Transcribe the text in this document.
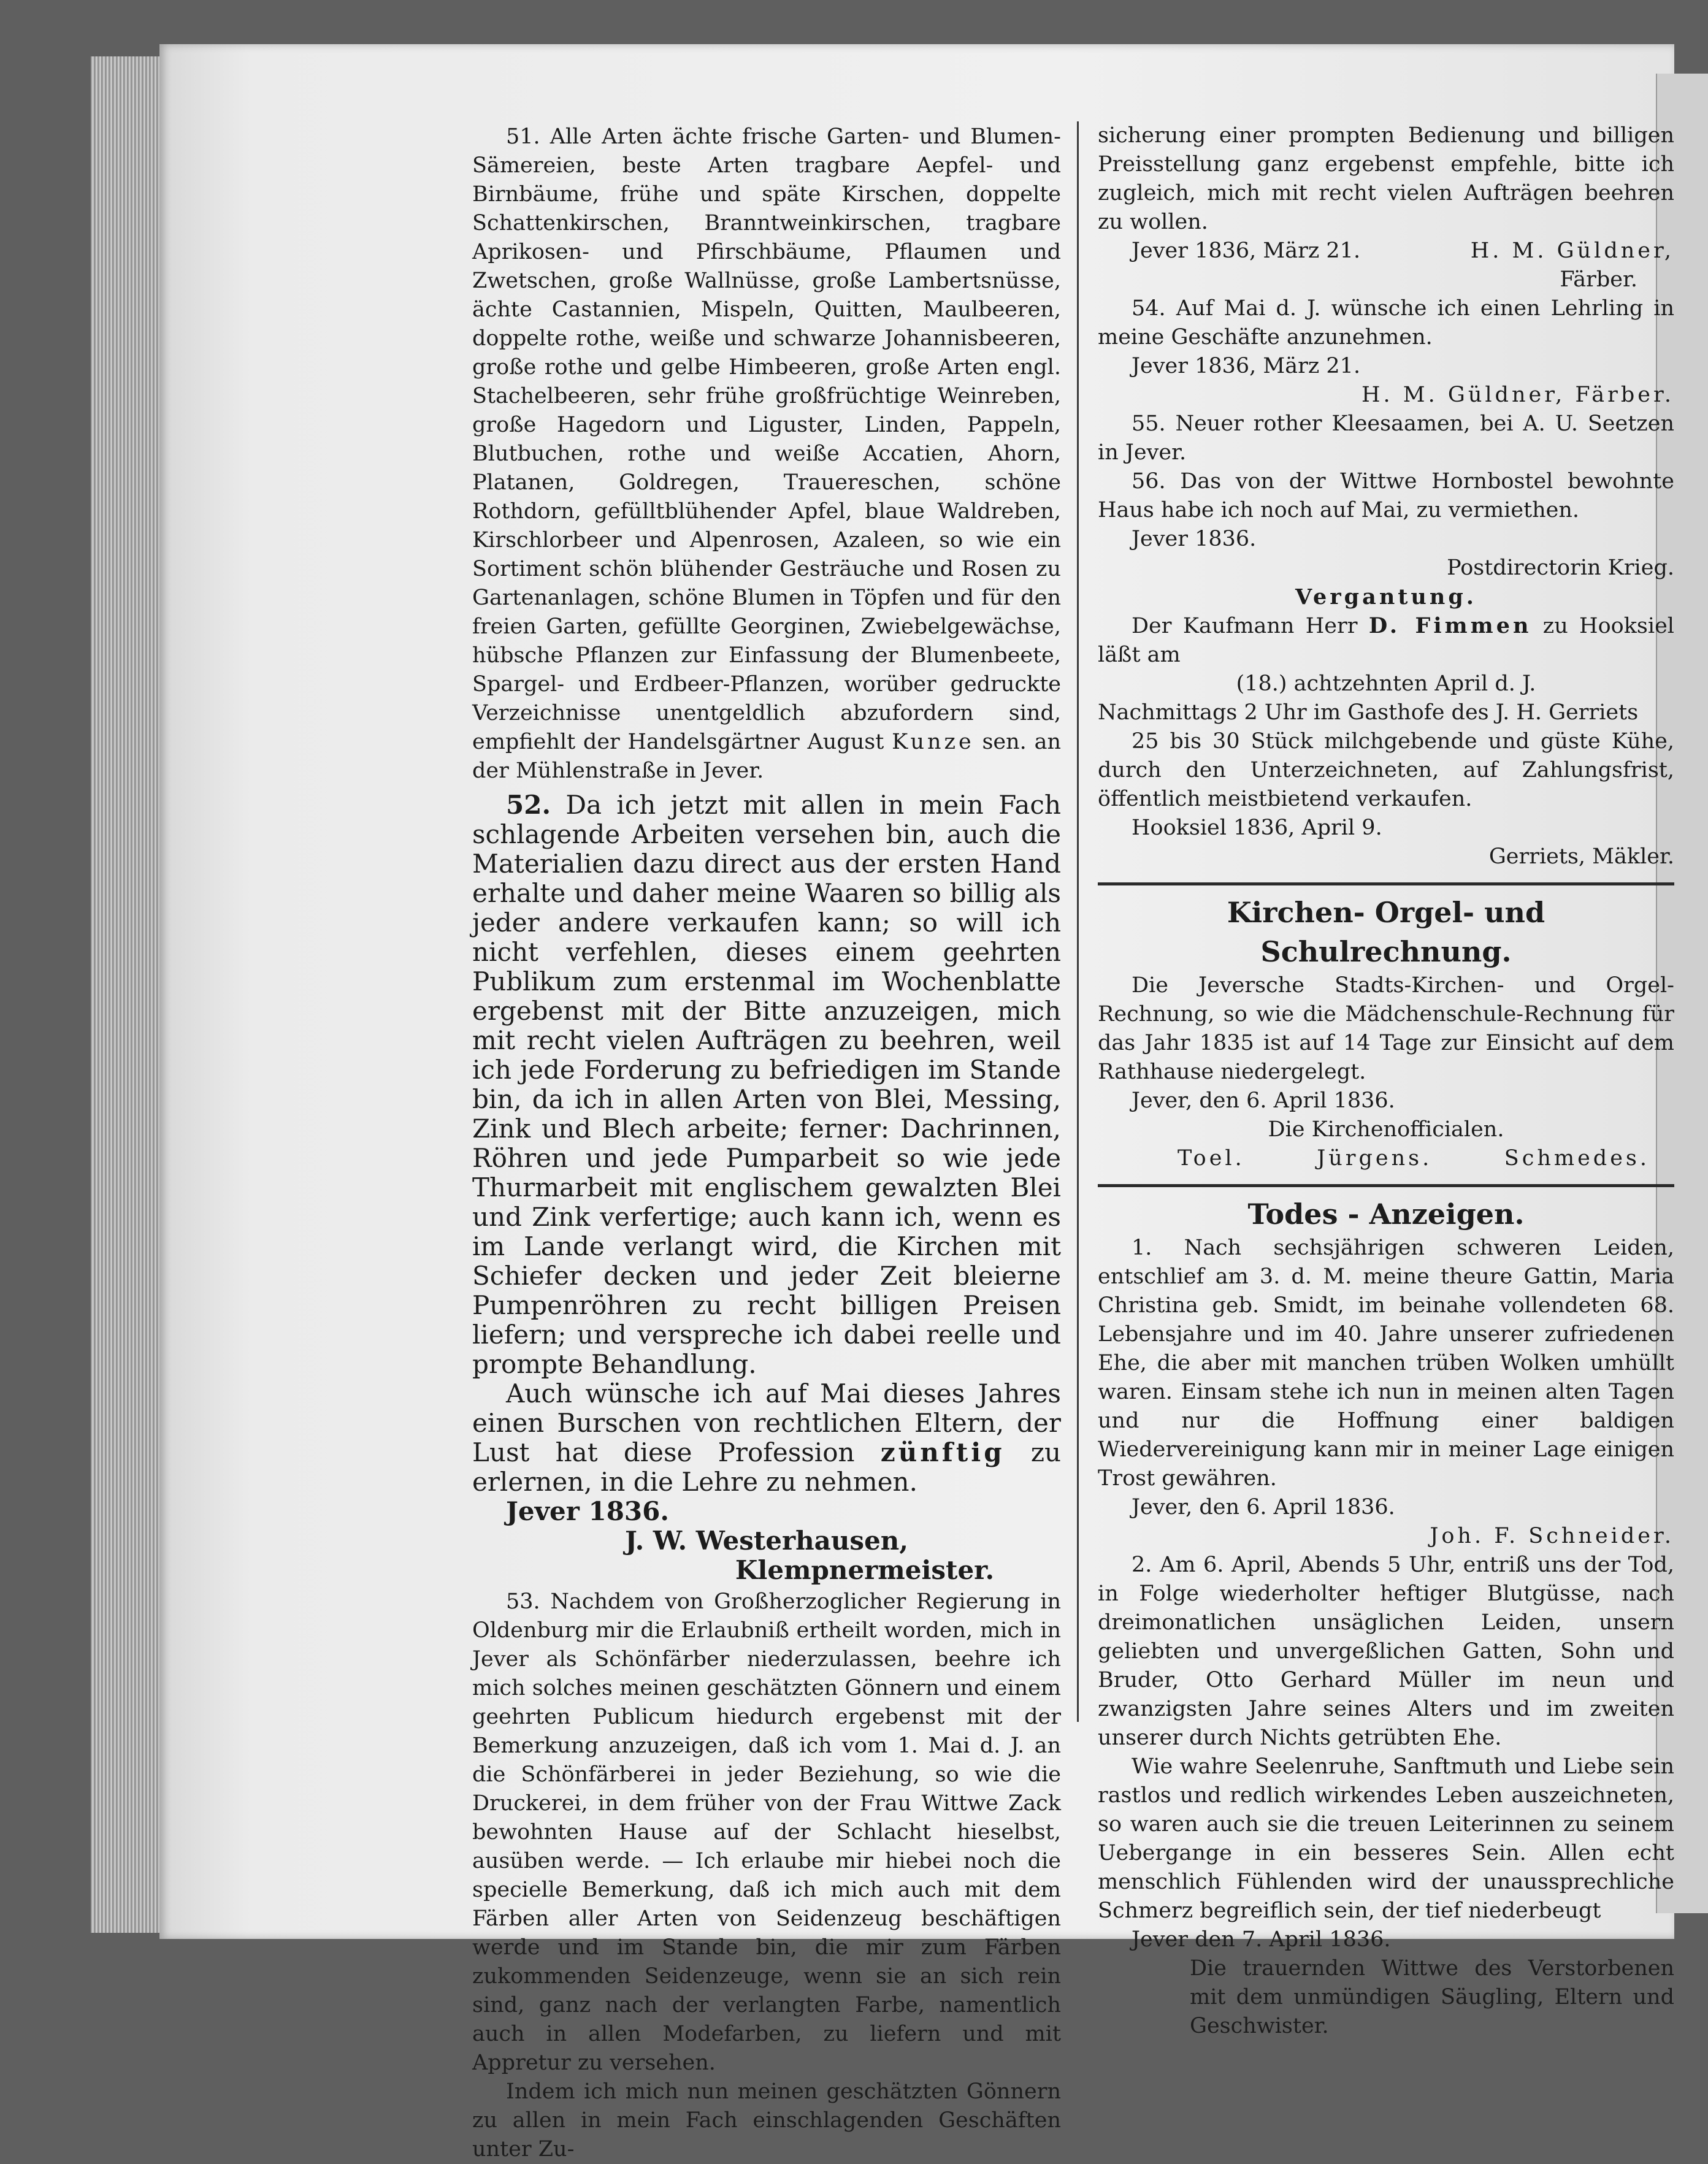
51. Alle Arten ächte frische Garten- und Blumen-Sämereien, beste Arten tragbare Aepfel- und Birnbäume, frühe und späte Kirschen, doppelte Schattenkirschen, Branntweinkirschen, tragbare Aprikosen- und Pfirschbäume, Pflaumen und Zwetschen, große Wallnüsse, große Lambertsnüsse, ächte Castannien, Mispeln, Quitten, Maulbeeren, doppelte rothe, weiße und schwarze Johannisbeeren, große rothe und gelbe Himbeeren, große Arten engl. Stachelbeeren, sehr frühe großfrüchtige Weinreben, große Hagedorn und Liguster, Linden, Pappeln, Blutbuchen, rothe und weiße Accatien, Ahorn, Platanen, Goldregen, Trauereschen, schöne Rothdorn, gefülltblühender Apfel, blaue Waldreben, Kirschlorbeer und Alpenrosen, Azaleen, so wie ein Sortiment schön blühender Gesträuche und Rosen zu Gartenanlagen, schöne Blumen in Töpfen und für den freien Garten, gefüllte Georginen, Zwiebelgewächse, hübsche Pflanzen zur Einfassung der Blumenbeete, Spargel- und Erdbeer-Pflanzen, worüber gedruckte Verzeichnisse unentgeldlich abzufordern sind, empfiehlt der Handelsgärtner August Kunze sen. an der Mühlenstraße in Jever.

52. Da ich jetzt mit allen in mein Fach schlagende Arbeiten versehen bin, auch die Materialien dazu direct aus der ersten Hand erhalte und daher meine Waaren so billig als jeder andere verkaufen kann; so will ich nicht verfehlen, dieses einem geehrten Publikum zum erstenmal im Wochenblatte ergebenst mit der Bitte anzuzeigen, mich mit recht vielen Aufträgen zu beehren, weil ich jede Forderung zu befriedigen im Stande bin, da ich in allen Arten von Blei, Messing, Zink und Blech arbeite; ferner: Dachrinnen, Röhren und jede Pumparbeit so wie jede Thurmarbeit mit englischem gewalzten Blei und Zink verfertige; auch kann ich, wenn es im Lande verlangt wird, die Kirchen mit Schiefer decken und jeder Zeit bleierne Pumpenröhren zu recht billigen Preisen liefern; und verspreche ich dabei reelle und prompte Behandlung.

Auch wünsche ich auf Mai dieses Jahres einen Burschen von rechtlichen Eltern, der Lust hat diese Profession zünftig zu erlernen, in die Lehre zu nehmen.

Jever 1836.

J. W. Westerhausen,

Klempnermeister.

53. Nachdem von Großherzoglicher Regierung in Oldenburg mir die Erlaubniß ertheilt worden, mich in Jever als Schönfärber niederzulassen, beehre ich mich solches meinen geschätzten Gönnern und einem geehrten Publicum hiedurch ergebenst mit der Bemerkung anzuzeigen, daß ich vom 1. Mai d. J. an die Schönfärberei in jeder Beziehung, so wie die Druckerei, in dem früher von der Frau Wittwe Zack bewohnten Hause auf der Schlacht hieselbst, ausüben werde. — Ich erlaube mir hiebei noch die specielle Bemerkung, daß ich mich auch mit dem Färben aller Arten von Seidenzeug beschäftigen werde und im Stande bin, die mir zum Färben zukommenden Seidenzeuge, wenn sie an sich rein sind, ganz nach der verlangten Farbe, namentlich auch in allen Modefarben, zu liefern und mit Appretur zu versehen.

Indem ich mich nun meinen geschätzten Gönnern zu allen in mein Fach einschlagenden Geschäften unter Zu-

sicherung einer prompten Bedienung und billigen Preisstellung ganz ergebenst empfehle, bitte ich zugleich, mich mit recht vielen Aufträgen beehren zu wollen.

Jever 1836, März 21.	H. M. Güldner,

Färber.

54. Auf Mai d. J. wünsche ich einen Lehrling in meine Geschäfte anzunehmen.

Jever 1836, März 21.

H. M. Güldner, Färber.

55. Neuer rother Kleesaamen, bei A. U. Seetzen in Jever.

56. Das von der Wittwe Hornbostel bewohnte Haus habe ich noch auf Mai, zu vermiethen.

Jever 1836.

Postdirectorin Krieg.

Vergantung.

Der Kaufmann Herr D. Fimmen zu Hooksiel läßt am

(18.) achtzehnten April d. J.

Nachmittags 2 Uhr im Gasthofe des J. H. Gerriets

25 bis 30 Stück milchgebende und güste Kühe, durch den Unterzeichneten, auf Zahlungsfrist, öffentlich meistbietend verkaufen.

Hooksiel 1836, April 9.

Gerriets, Mäkler.

Kirchen- Orgel- und Schulrechnung.

Die Jeversche Stadts-Kirchen- und Orgel-Rechnung, so wie die Mädchenschule-Rechnung für das Jahr 1835 ist auf 14 Tage zur Einsicht auf dem Rathhause niedergelegt.

Jever, den 6. April 1836.

Die Kirchenofficialen.

Toel.	Jürgens.	Schmedes.

Todes - Anzeigen.

1. Nach sechsjährigen schweren Leiden, entschlief am 3. d. M. meine theure Gattin, Maria Christina geb. Smidt, im beinahe vollendeten 68. Lebensjahre und im 40. Jahre unserer zufriedenen Ehe, die aber mit manchen trüben Wolken umhüllt waren. Einsam stehe ich nun in meinen alten Tagen und nur die Hoffnung einer baldigen Wiedervereinigung kann mir in meiner Lage einigen Trost gewähren.

Jever, den 6. April 1836.

Joh. F. Schneider.

2. Am 6. April, Abends 5 Uhr, entriß uns der Tod, in Folge wiederholter heftiger Blutgüsse, nach dreimonatlichen unsäglichen Leiden, unsern geliebten und unvergeßlichen Gatten, Sohn und Bruder, Otto Gerhard Müller im neun und zwanzigsten Jahre seines Alters und im zweiten unserer durch Nichts getrübten Ehe.

Wie wahre Seelenruhe, Sanftmuth und Liebe sein rastlos und redlich wirkendes Leben auszeichneten, so waren auch sie die treuen Leiterinnen zu seinem Uebergange in ein besseres Sein. Allen echt menschlich Fühlenden wird der unaussprechliche Schmerz begreiflich sein, der tief niederbeugt

Jever den 7. April 1836.

Die trauernden Wittwe des Verstorbenen mit dem unmündigen Säugling, Eltern und Geschwister.
